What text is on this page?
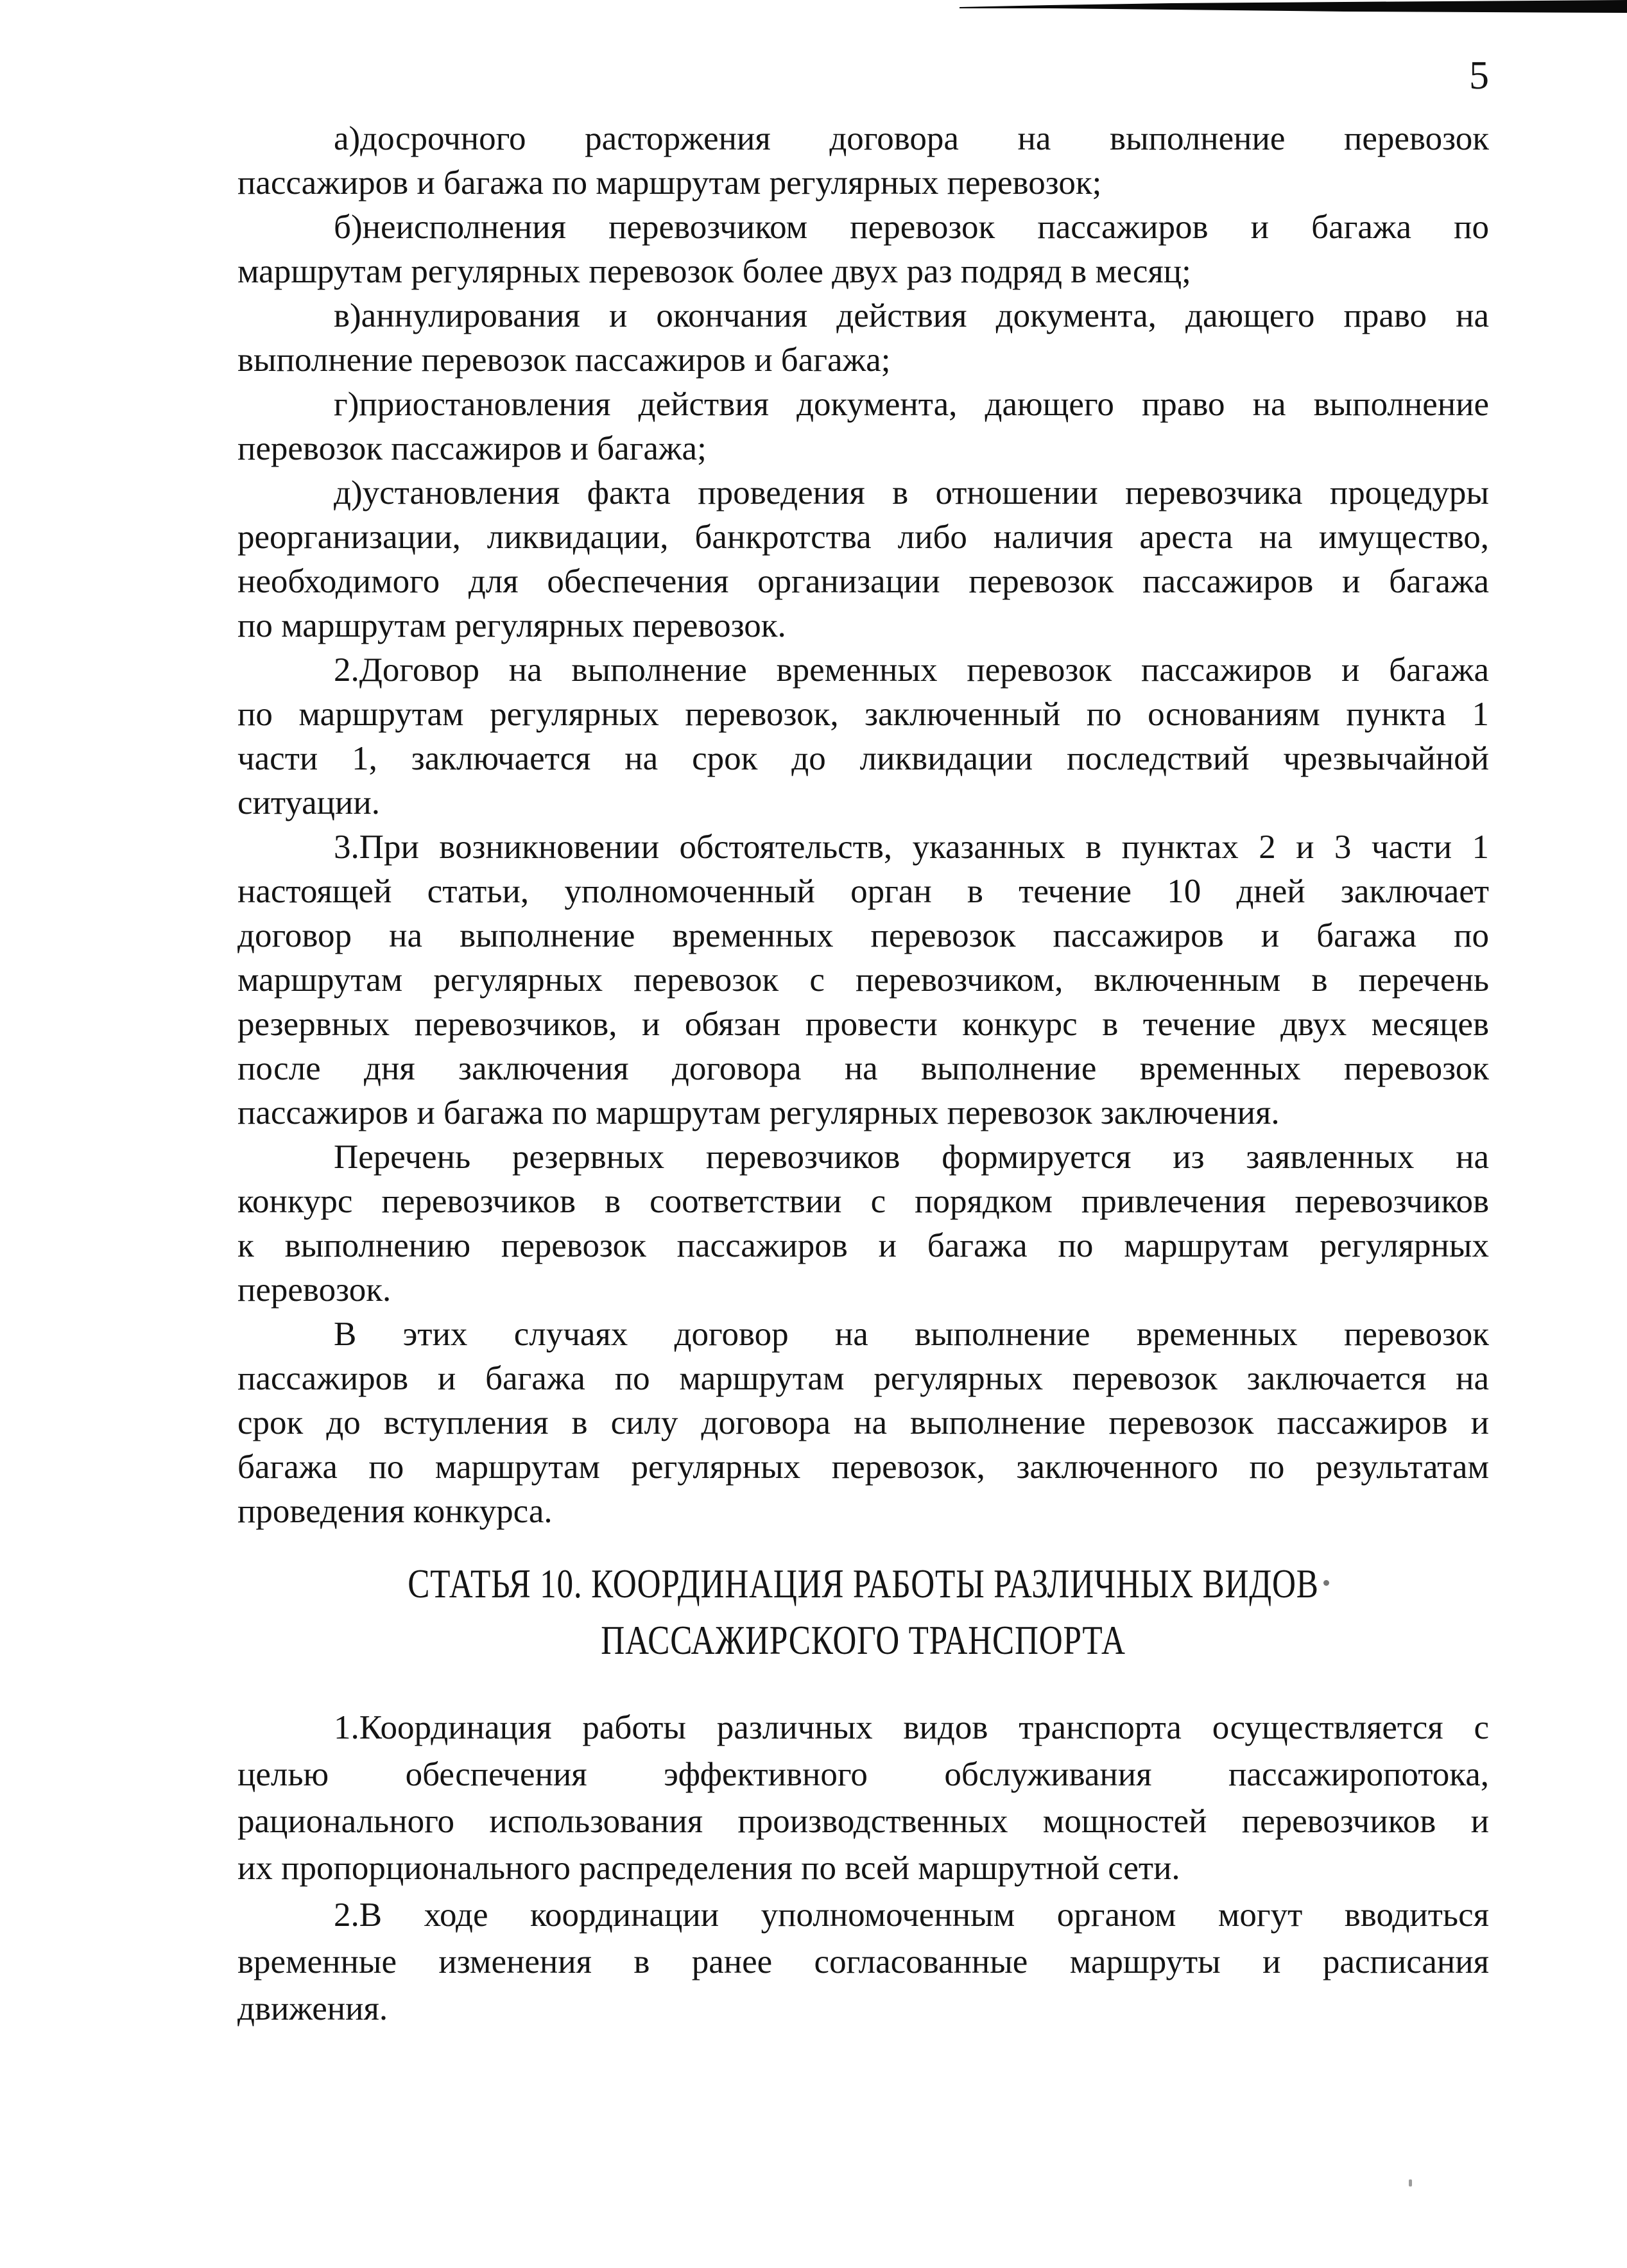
5
а)досрочного расторжения договора на выполнение перевозок
пассажиров и багажа по маршрутам регулярных перевозок;
б)неисполнения перевозчиком перевозок пассажиров и багажа по
маршрутам регулярных перевозок более двух раз подряд в месяц;
в)аннулирования и окончания действия документа, дающего право на
выполнение перевозок пассажиров и багажа;
г)приостановления действия документа, дающего право на выполнение
перевозок пассажиров и багажа;
д)установления факта проведения в отношении перевозчика процедуры
реорганизации, ликвидации, банкротства либо наличия ареста на имущество,
необходимого для обеспечения организации перевозок пассажиров и багажа
по маршрутам регулярных перевозок.
2.Договор на выполнение временных перевозок пассажиров и багажа
по маршрутам регулярных перевозок, заключенный по основаниям пункта 1
части 1, заключается на срок до ликвидации последствий чрезвычайной
ситуации.
3.При возникновении обстоятельств, указанных в пунктах 2 и 3 части 1
настоящей статьи, уполномоченный орган в течение 10 дней заключает
договор на выполнение временных перевозок пассажиров и багажа по
маршрутам регулярных перевозок с перевозчиком, включенным в перечень
резервных перевозчиков, и обязан провести конкурс в течение двух месяцев
после дня заключения договора на выполнение временных перевозок
пассажиров и багажа по маршрутам регулярных перевозок заключения.
Перечень резервных перевозчиков формируется из заявленных на
конкурс перевозчиков в соответствии с порядком привлечения перевозчиков
к выполнению перевозок пассажиров и багажа по маршрутам регулярных
перевозок.
В этих случаях договор на выполнение временных перевозок
пассажиров и багажа по маршрутам регулярных перевозок заключается на
срок до вступления в силу договора на выполнение перевозок пассажиров и
багажа по маршрутам регулярных перевозок, заключенного по результатам
проведения конкурса.
СТАТЬЯ 10. КООРДИНАЦИЯ РАБОТЫ РАЗЛИЧНЫХ ВИДОВ
ПАССАЖИРСКОГО ТРАНСПОРТА
1.Координация работы различных видов транспорта осуществляется с
целью обеспечения эффективного обслуживания пассажиропотока,
рационального использования производственных мощностей перевозчиков и
их пропорционального распределения по всей маршрутной сети.
2.В ходе координации уполномоченным органом могут вводиться
временные изменения в ранее согласованные маршруты и расписания
движения.
